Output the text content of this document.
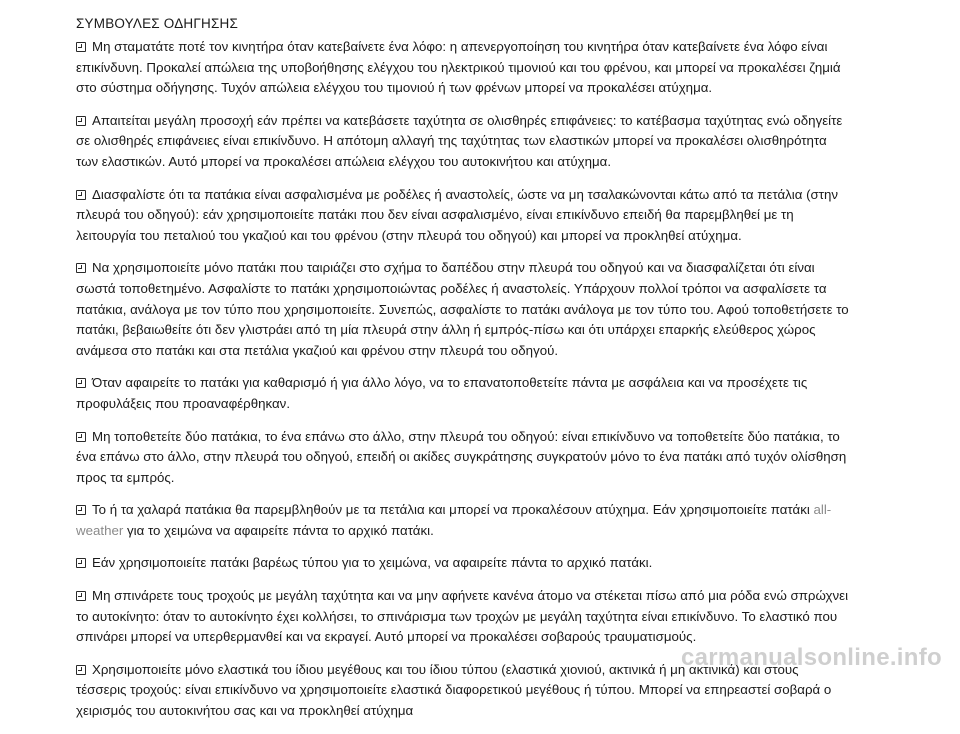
ΣΥΜΒΟΥΛΕΣ ΟΔΗΓΗΣΗΣ

Μη σταματάτε ποτέ τον κινητήρα όταν κατεβαίνετε ένα λόφο: η απενεργοποίηση του κινητήρα όταν κατεβαίνετε ένα λόφο είναι επικίνδυνη. Προκαλεί απώλεια της υποβοήθησης ελέγχου του ηλεκτρικού τιμονιού και του φρένου, και μπορεί να προκαλέσει ζημιά στο σύστημα οδήγησης. Τυχόν απώλεια ελέγχου του τιμονιού ή των φρένων μπορεί να προκαλέσει ατύχημα.

Απαιτείται μεγάλη προσοχή εάν πρέπει να κατεβάσετε ταχύτητα σε ολισθηρές επιφάνειες: το κατέβασμα ταχύτητας ενώ οδηγείτε σε ολισθηρές επιφάνειες είναι επικίνδυνο. Η απότομη αλλαγή της ταχύτητας των ελαστικών μπορεί να προκαλέσει ολισθηρότητα των ελαστικών. Αυτό μπορεί να προκαλέσει απώλεια ελέγχου του αυτοκινήτου και ατύχημα.

Διασφαλίστε ότι τα πατάκια είναι ασφαλισμένα με ροδέλες ή αναστολείς, ώστε να μη τσαλακώνονται κάτω από τα πετάλια (στην πλευρά του οδηγού): εάν χρησιμοποιείτε πατάκι που δεν είναι ασφαλισμένο, είναι επικίνδυνο επειδή θα παρεμβληθεί με τη λειτουργία του πεταλιού του γκαζιού και του φρένου (στην πλευρά του οδηγού) και μπορεί να προκληθεί ατύχημα.

Να χρησιμοποιείτε μόνο πατάκι που ταιριάζει στο σχήμα το δαπέδου στην πλευρά του οδηγού και να διασφαλίζεται ότι είναι σωστά τοποθετημένο. Ασφαλίστε το πατάκι χρησιμοποιώντας ροδέλες ή αναστολείς. Υπάρχουν πολλοί τρόποι να ασφαλίσετε τα πατάκια, ανάλογα με τον τύπο που χρησιμοποιείτε. Συνεπώς, ασφαλίστε το πατάκι ανάλογα με τον τύπο του. Αφού τοποθετήσετε το πατάκι, βεβαιωθείτε ότι δεν γλιστράει από τη μία πλευρά στην άλλη ή εμπρός-πίσω και ότι υπάρχει επαρκής ελεύθερος χώρος ανάμεσα στο πατάκι και στα πετάλια γκαζιού και φρένου στην πλευρά του οδηγού.

Όταν αφαιρείτε το πατάκι για καθαρισμό ή για άλλο λόγο, να το επανατοποθετείτε πάντα με ασφάλεια και να προσέχετε τις προφυλάξεις που προαναφέρθηκαν.

Μη τοποθετείτε δύο πατάκια, το ένα επάνω στο άλλο, στην πλευρά του οδηγού: είναι επικίνδυνο να τοποθετείτε δύο πατάκια, το ένα επάνω στο άλλο, στην πλευρά του οδηγού, επειδή οι ακίδες συγκράτησης συγκρατούν μόνο το ένα πατάκι από τυχόν ολίσθηση προς τα εμπρός.

Το ή τα χαλαρά πατάκια θα παρεμβληθούν με τα πετάλια και μπορεί να προκαλέσουν ατύχημα. Εάν χρησιμοποιείτε πατάκι all-weather για το χειμώνα να αφαιρείτε πάντα το αρχικό πατάκι.

Εάν χρησιμοποιείτε πατάκι βαρέως τύπου για το χειμώνα, να αφαιρείτε πάντα το αρχικό πατάκι.

Μη σπινάρετε τους τροχούς με μεγάλη ταχύτητα και να μην αφήνετε κανένα άτομο να στέκεται πίσω από μια ρόδα ενώ σπρώχνει το αυτοκίνητο: όταν το αυτοκίνητο έχει κολλήσει, το σπινάρισμα των τροχών με μεγάλη ταχύτητα είναι επικίνδυνο. Το ελαστικό που σπινάρει μπορεί να υπερθερμανθεί και να εκραγεί. Αυτό μπορεί να προκαλέσει σοβαρούς τραυματισμούς.

Χρησιμοποιείτε μόνο ελαστικά του ίδιου μεγέθους και του ίδιου τύπου (ελαστικά χιονιού, ακτινικά ή μη ακτινικά) και στους τέσσερις τροχούς: είναι επικίνδυνο να χρησιμοποιείτε ελαστικά διαφορετικού μεγέθους ή τύπου. Μπορεί να επηρεαστεί σοβαρά ο χειρισμός του αυτοκινήτου σας και να προκληθεί ατύχημα

carmanualsonline.info
